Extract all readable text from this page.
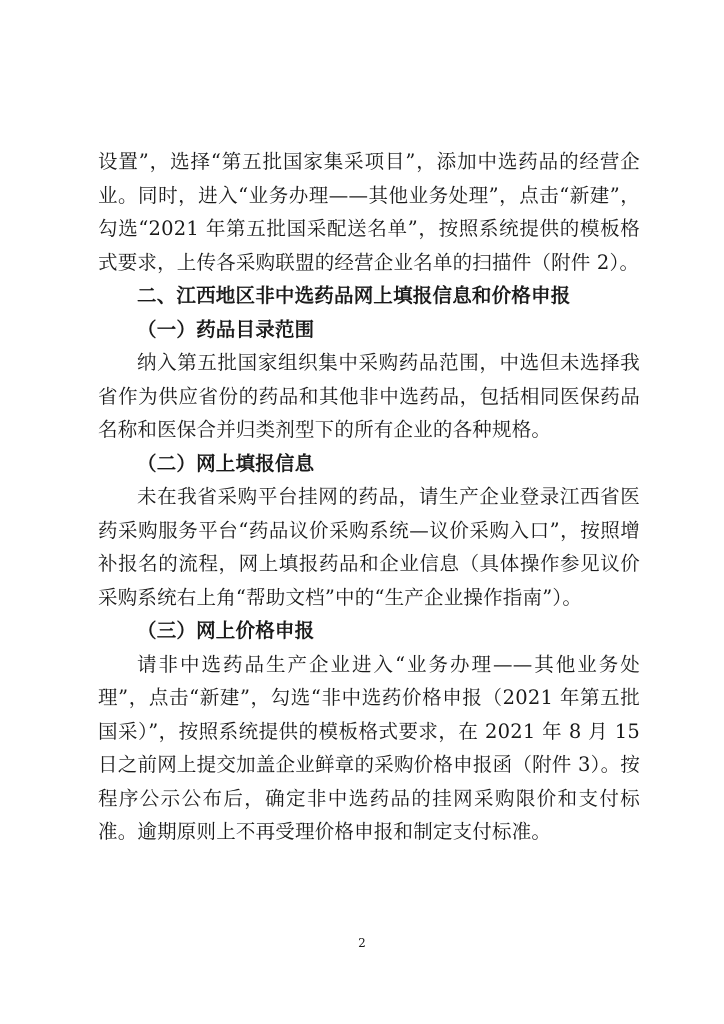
设置”，选择“第五批国家集采项目”，添加中选药品的经营企业。同时，进入“业务办理——其他业务处理”，点击“新建”，勾选“2021 年第五批国采配送名单”，按照系统提供的模板格式要求，上传各采购联盟的经营企业名单的扫描件（附件 2）。

二、江西地区非中选药品网上填报信息和价格申报

（一）药品目录范围

纳入第五批国家组织集中采购药品范围，中选但未选择我省作为供应省份的药品和其他非中选药品，包括相同医保药品名称和医保合并归类剂型下的所有企业的各种规格。

（二）网上填报信息

未在我省采购平台挂网的药品，请生产企业登录江西省医药采购服务平台“药品议价采购系统—议价采购入口”，按照增补报名的流程，网上填报药品和企业信息（具体操作参见议价采购系统右上角“帮助文档”中的“生产企业操作指南”）。

（三）网上价格申报

请非中选药品生产企业进入“业务办理——其他业务处理”，点击“新建”，勾选“非中选药价格申报（2021 年第五批国采）”，按照系统提供的模板格式要求，在 2021 年 8 月 15 日之前网上提交加盖企业鲜章的采购价格申报函（附件 3）。按程序公示公布后，确定非中选药品的挂网采购限价和支付标准。逾期原则上不再受理价格申报和制定支付标准。

2
